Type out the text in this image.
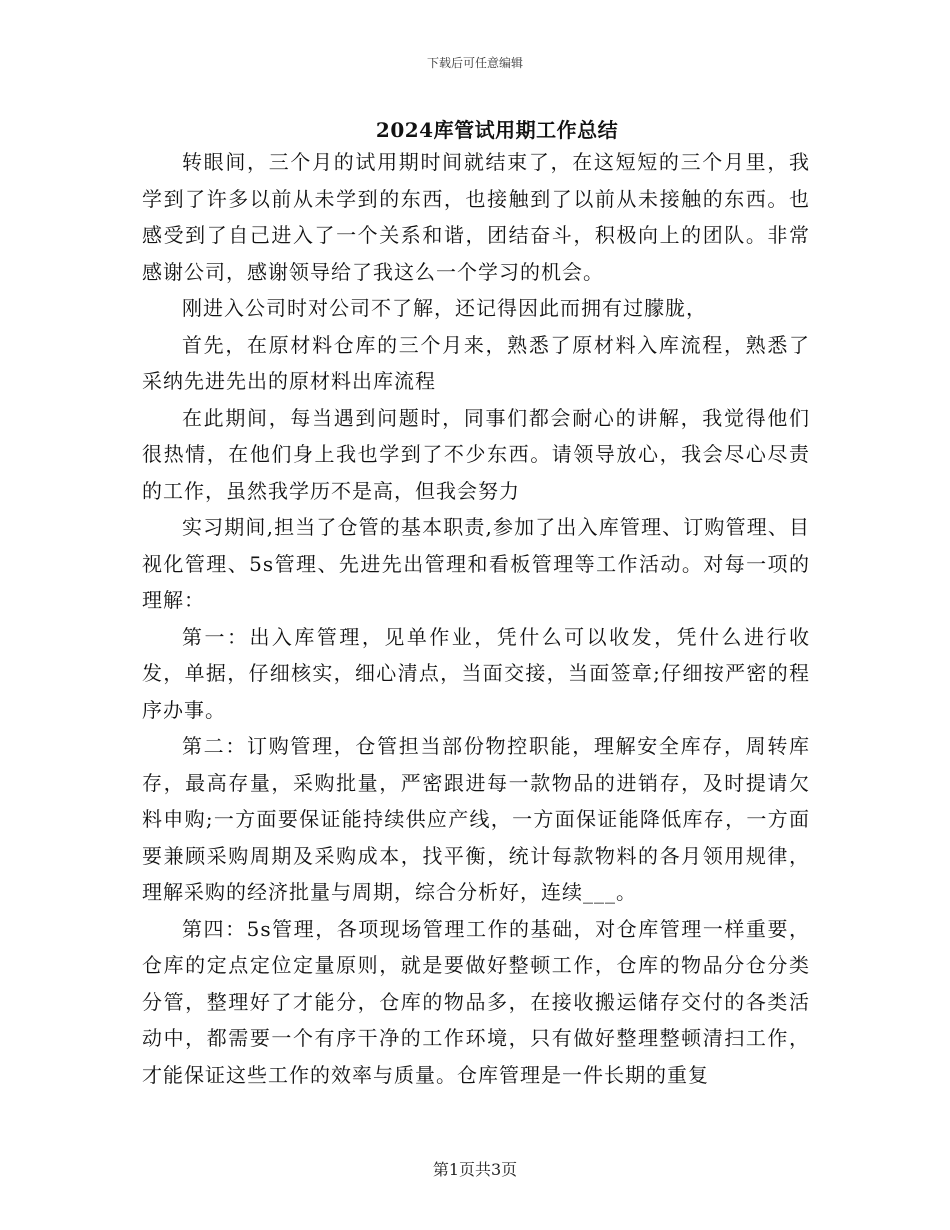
下载后可任意编辑
2024库管试用期工作总结

转眼间，三个月的试用期时间就结束了，在这短短的三个月里，我学到了许多以前从未学到的东西，也接触到了以前从未接触的东西。也感受到了自己进入了一个关系和谐，团结奋斗，积极向上的团队。非常感谢公司，感谢领导给了我这么一个学习的机会。

刚进入公司时对公司不了解，还记得因此而拥有过朦胧，

首先，在原材料仓库的三个月来，熟悉了原材料入库流程，熟悉了采纳先进先出的原材料出库流程

在此期间，每当遇到问题时，同事们都会耐心的讲解，我觉得他们很热情，在他们身上我也学到了不少东西。请领导放心，我会尽心尽责的工作，虽然我学历不是高，但我会努力

实习期间,担当了仓管的基本职责,参加了出入库管理、订购管理、目视化管理、5s管理、先进先出管理和看板管理等工作活动。对每一项的理解：

第一：出入库管理，见单作业，凭什么可以收发，凭什么进行收发，单据，仔细核实，细心清点，当面交接，当面签章;仔细按严密的程序办事。

第二：订购管理，仓管担当部份物控职能，理解安全库存，周转库存，最高存量，采购批量，严密跟进每一款物品的进销存，及时提请欠料申购;一方面要保证能持续供应产线，一方面保证能降低库存，一方面要兼顾采购周期及采购成本，找平衡，统计每款物料的各月领用规律，理解采购的经济批量与周期，综合分析好，连续___。

第四：5s管理，各项现场管理工作的基础，对仓库管理一样重要，仓库的定点定位定量原则，就是要做好整顿工作，仓库的物品分仓分类分管，整理好了才能分，仓库的物品多，在接收搬运储存交付的各类活动中，都需要一个有序干净的工作环境，只有做好整理整顿清扫工作，才能保证这些工作的效率与质量。仓库管理是一件长期的重复

第1页共3页
